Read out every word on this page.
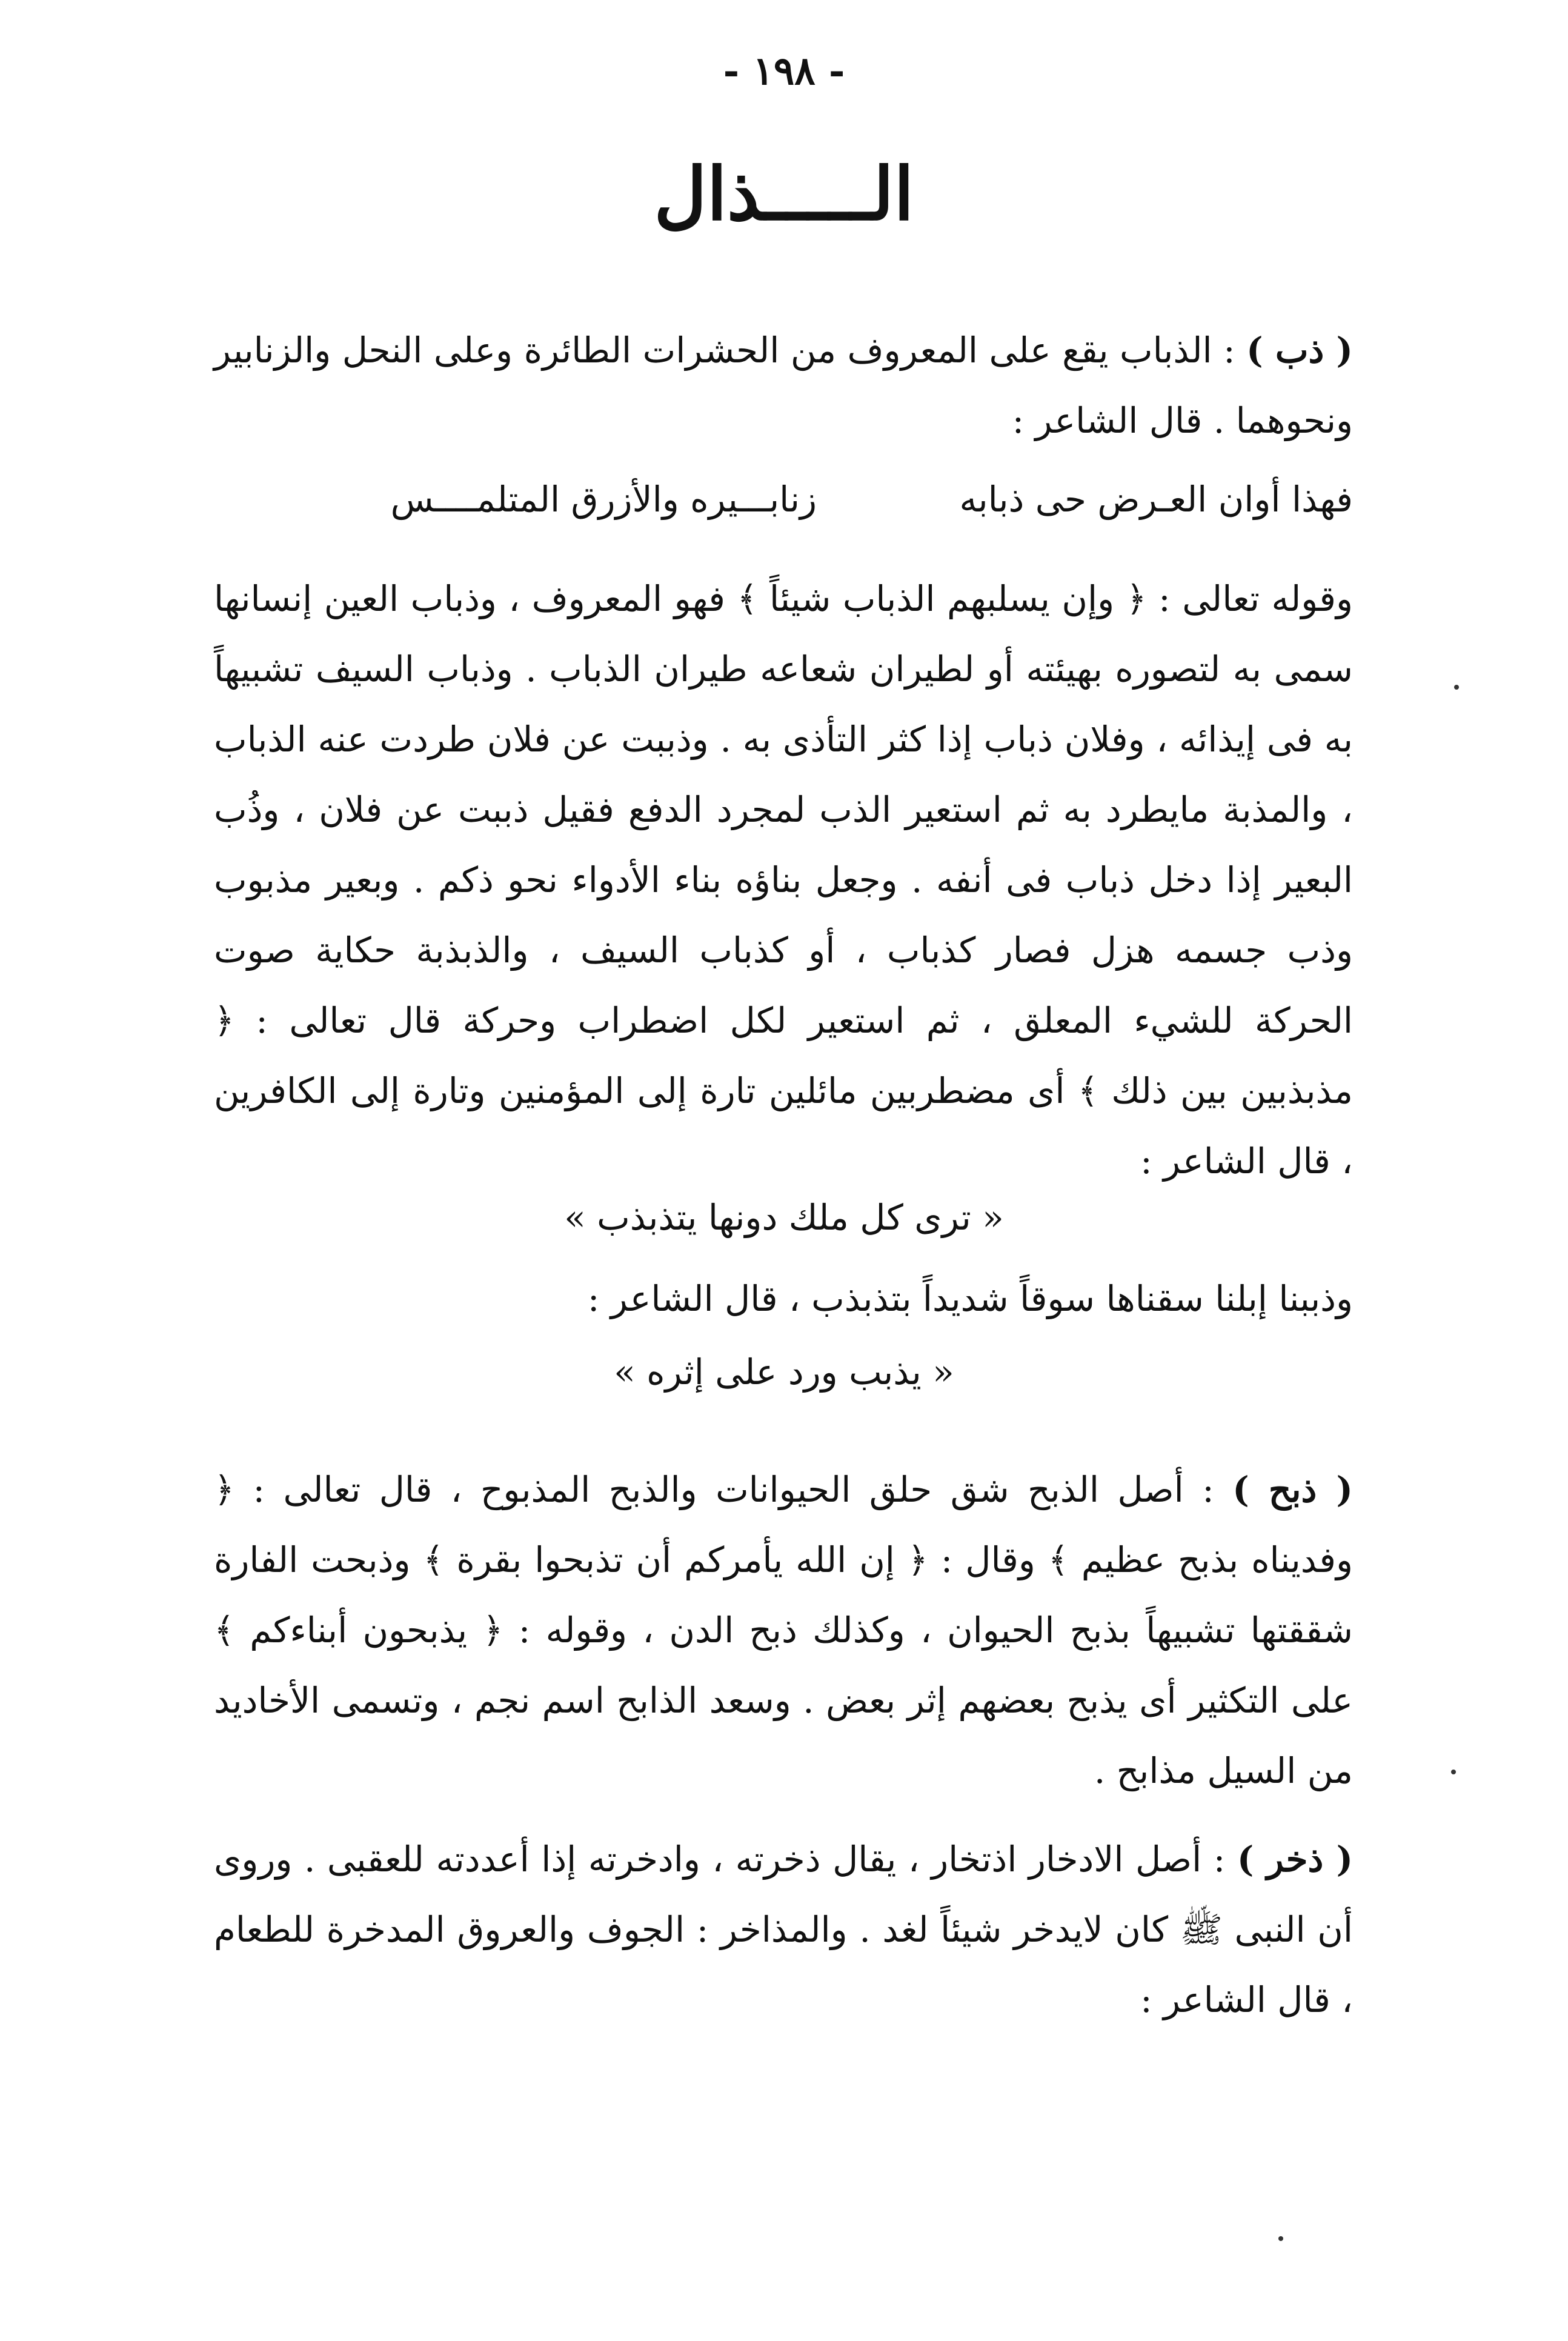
- ١٩٨ -
الـــــذال
( ذب ) : الذباب يقع على المعروف من الحشرات الطائرة وعلى النحل والزنابير ونحوهما . قال الشاعر :
فهذا أوان العـرض حى ذبابه
زنابـــيره والأزرق المتلمــــس
وقوله تعالى : ﴿ وإن يسلبهم الذباب شيئاً ﴾ فهو المعروف ، وذباب العين إنسانها سمى به لتصوره بهيئته أو لطيران شعاعه طيران الذباب . وذباب السيف تشبيهاً به فى إيذائه ، وفلان ذباب إذا كثر التأذى به . وذببت عن فلان طردت عنه الذباب ، والمذبة مايطرد به ثم استعير الذب لمجرد الدفع فقيل ذببت عن فلان ، وذُب البعير إذا دخل ذباب فى أنفه . وجعل بناؤه بناء الأدواء نحو ذكم . وبعير مذبوب وذب جسمه هزل فصار كذباب ، أو كذباب السيف ، والذبذبة حكاية صوت الحركة للشيء المعلق ، ثم استعير لكل اضطراب وحركة قال تعالى : ﴿ مذبذبين بين ذلك ﴾ أى مضطربين مائلين تارة إلى المؤمنين وتارة إلى الكافرين ، قال الشاعر :
« ترى كل ملك دونها يتذبذب »
وذببنا إبلنا سقناها سوقاً شديداً بتذبذب ، قال الشاعر :
« يذبب ورد على إثره »
( ذبح ) : أصل الذبح شق حلق الحيوانات والذبح المذبوح ، قال تعالى : ﴿ وفديناه بذبح عظيم ﴾ وقال : ﴿ إن الله يأمركم أن تذبحوا بقرة ﴾ وذبحت الفارة شققتها تشبيهاً بذبح الحيوان ، وكذلك ذبح الدن ، وقوله : ﴿ يذبحون أبناءكم ﴾ على التكثير أى يذبح بعضهم إثر بعض . وسعد الذابح اسم نجم ، وتسمى الأخاديد من السيل مذابح .
( ذخر ) : أصل الادخار اذتخار ، يقال ذخرته ، وادخرته إذا أعددته للعقبى . وروى أن النبى ﷺ كان لايدخر شيئاً لغد . والمذاخر : الجوف والعروق المدخرة للطعام ، قال الشاعر :
